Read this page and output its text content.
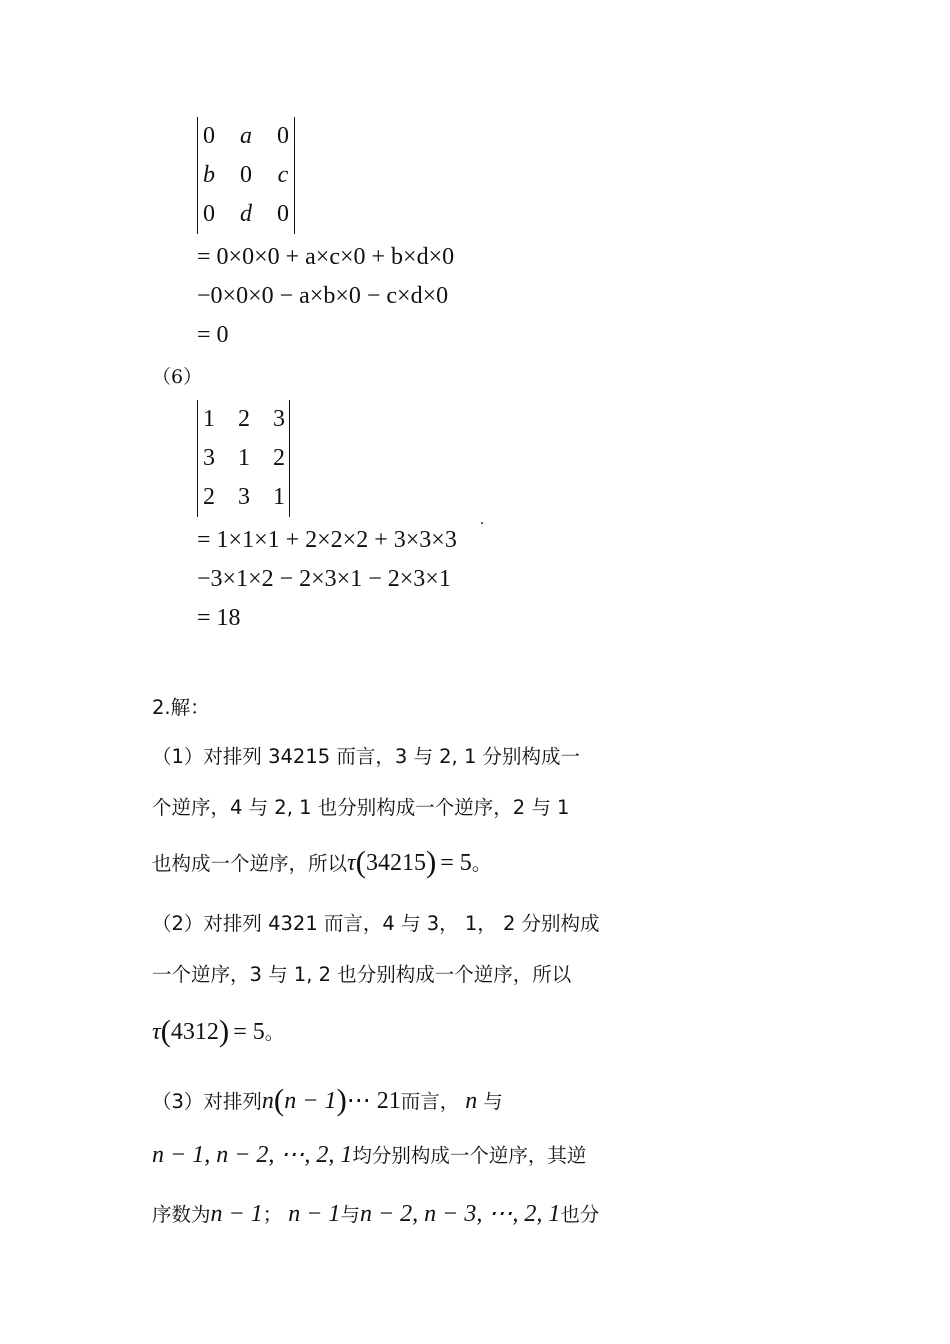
0	a	0
b	0	c
0	d	0
= 0×0×0 + a×c×0 + b×d×0
−0×0×0 − a×b×0 − c×d×0
= 0
（6）
1 2 3
3 1 2
2 3 1
= 1×1×1 + 2×2×2 + 3×3×3
.
−3×1×2 − 2×3×1 − 2×3×1
= 18
2.解：
（1）对排列 34215 而言，3 与 2, 1 分别构成一
个逆序，4 与 2, 1 也分别构成一个逆序，2 与 1
也构成一个逆序，所以τ(34215) = 5。
（2）对排列 4321 而言，4 与 3， 1， 2 分别构成
一个逆序，3 与 1, 2 也分别构成一个逆序，所以
τ(4312) = 5。
（3）对排列n(n − 1)⋯ 21而言， n 与
n − 1, n − 2, ⋯, 2, 1均分别构成一个逆序，其逆
序数为n − 1； n − 1与n − 2, n − 3, ⋯, 2, 1也分
